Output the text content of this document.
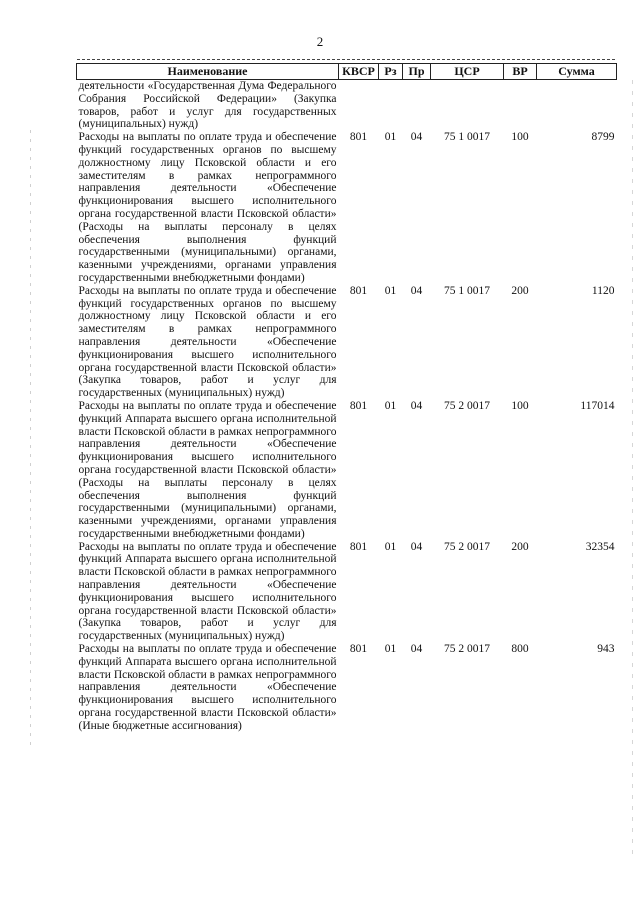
2
Наименование	КВСР	Рз	Пр	ЦСР	ВР	Сумма
деятельности «Государственная Дума Федерального Собрания Российской Федерации» (Закупка товаров, работ и услуг для государственных (муниципальных) нужд)						
Расходы на выплаты по оплате труда и обеспечение функций государственных органов по высшему должностному лицу Псковской области и его заместителям в рамках непрограммного направления деятельности «Обеспечение функционирования высшего исполнительного органа государственной власти Псковской области» (Расходы на выплаты персоналу в целях обеспечения выполнения функций государственными (муниципальными) органами, казенными учреждениями, органами управления государственными внебюджетными фондами)	801	01	04	75 1 0017	100	8799
Расходы на выплаты по оплате труда и обеспечение функций государственных органов по высшему должностному лицу Псковской области и его заместителям в рамках непрограммного направления деятельности «Обеспечение функционирования высшего исполнительного органа государственной власти Псковской области» (Закупка товаров, работ и услуг для государственных (муниципальных) нужд)	801	01	04	75 1 0017	200	1120
Расходы на выплаты по оплате труда и обеспечение функций Аппарата высшего органа исполнительной власти Псковской области в рамках непрограммного направления деятельности «Обеспечение функционирования высшего исполнительного органа государственной власти Псковской области» (Расходы на выплаты персоналу в целях обеспечения выполнения функций государственными (муниципальными) органами, казенными учреждениями, органами управления государственными внебюджетными фондами)	801	01	04	75 2 0017	100	117014
Расходы на выплаты по оплате труда и обеспечение функций Аппарата высшего органа исполнительной власти Псковской области в рамках непрограммного направления деятельности «Обеспечение функционирования высшего исполнительного органа государственной власти Псковской области» (Закупка товаров, работ и услуг для государственных (муниципальных) нужд)	801	01	04	75 2 0017	200	32354
Расходы на выплаты по оплате труда и обеспечение функций Аппарата высшего органа исполнительной власти Псковской области в рамках непрограммного направления деятельности «Обеспечение функционирования высшего исполнительного органа государственной власти Псковской области» (Иные бюджетные ассигнования)	801	01	04	75 2 0017	800	943
